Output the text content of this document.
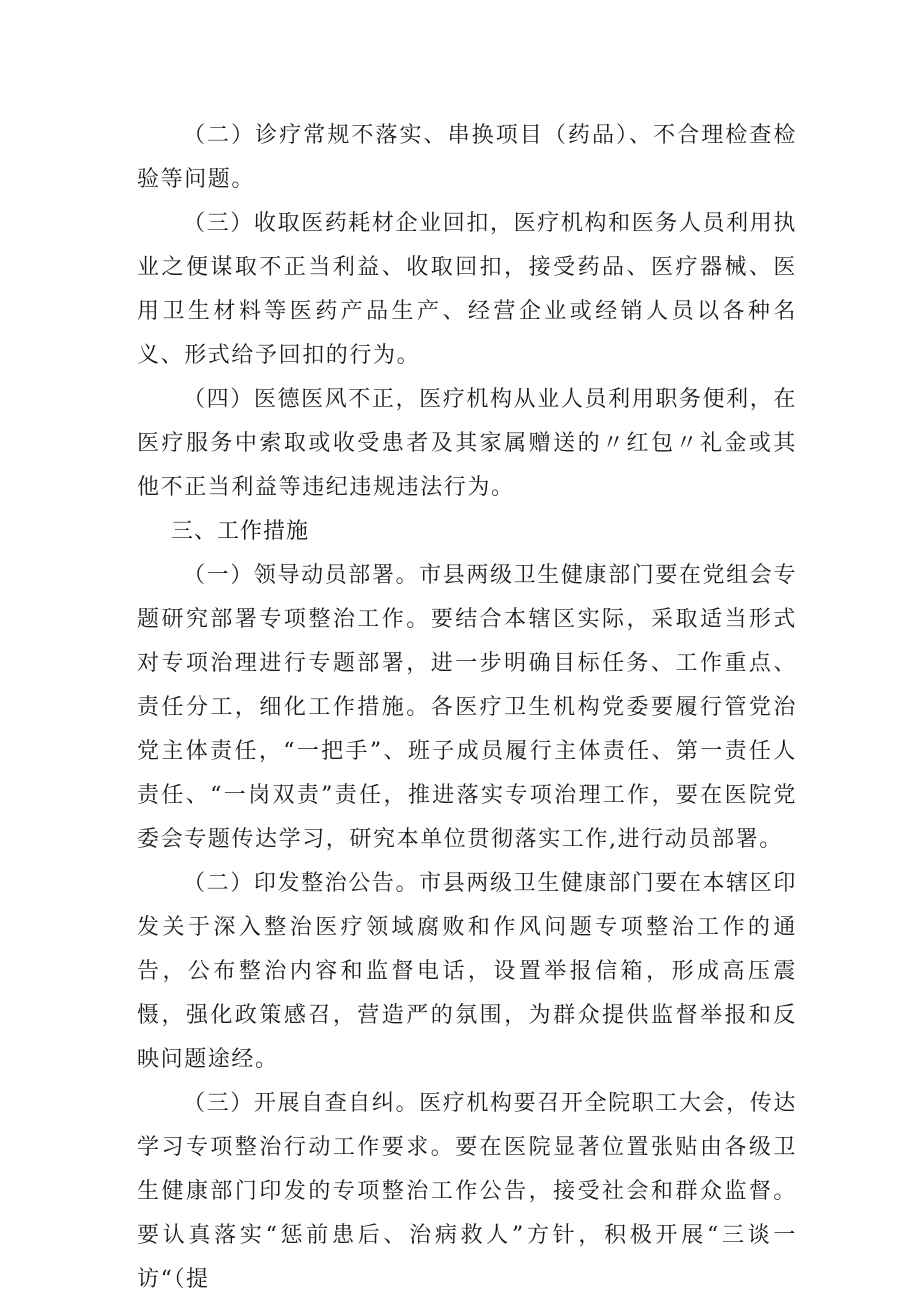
（二）诊疗常规不落实、串换项目（药品）、不合理检查检验等问题。

（三）收取医药耗材企业回扣，医疗机构和医务人员利用执业之便谋取不正当利益、收取回扣，接受药品、医疗器械、医用卫生材料等医药产品生产、经营企业或经销人员以各种名义、形式给予回扣的行为。

（四）医德医风不正，医疗机构从业人员利用职务便利，在医疗服务中索取或收受患者及其家属赠送的〃红包〃礼金或其他不正当利益等违纪违规违法行为。

三、工作措施

（一）领导动员部署。市县两级卫生健康部门要在党组会专题研究部署专项整治工作。要结合本辖区实际，采取适当形式对专项治理进行专题部署，进一步明确目标任务、工作重点、责任分工，细化工作措施。各医疗卫生机构党委要履行管党治党主体责任，“一把手”、班子成员履行主体责任、第一责任人责任、“一岗双责”责任，推进落实专项治理工作，要在医院党委会专题传达学习，研究本单位贯彻落实工作,进行动员部署。

（二）印发整治公告。市县两级卫生健康部门要在本辖区印发关于深入整治医疗领域腐败和作风问题专项整治工作的通告，公布整治内容和监督电话，设置举报信箱，形成高压震慑，强化政策感召，营造严的氛围，为群众提供监督举报和反映问题途经。

（三）开展自查自纠。医疗机构要召开全院职工大会，传达学习专项整治行动工作要求。要在医院显著位置张贴由各级卫生健康部门印发的专项整治工作公告，接受社会和群众监督。要认真落实“惩前患后、治病救人”方针，积极开展“三谈一访“（提
